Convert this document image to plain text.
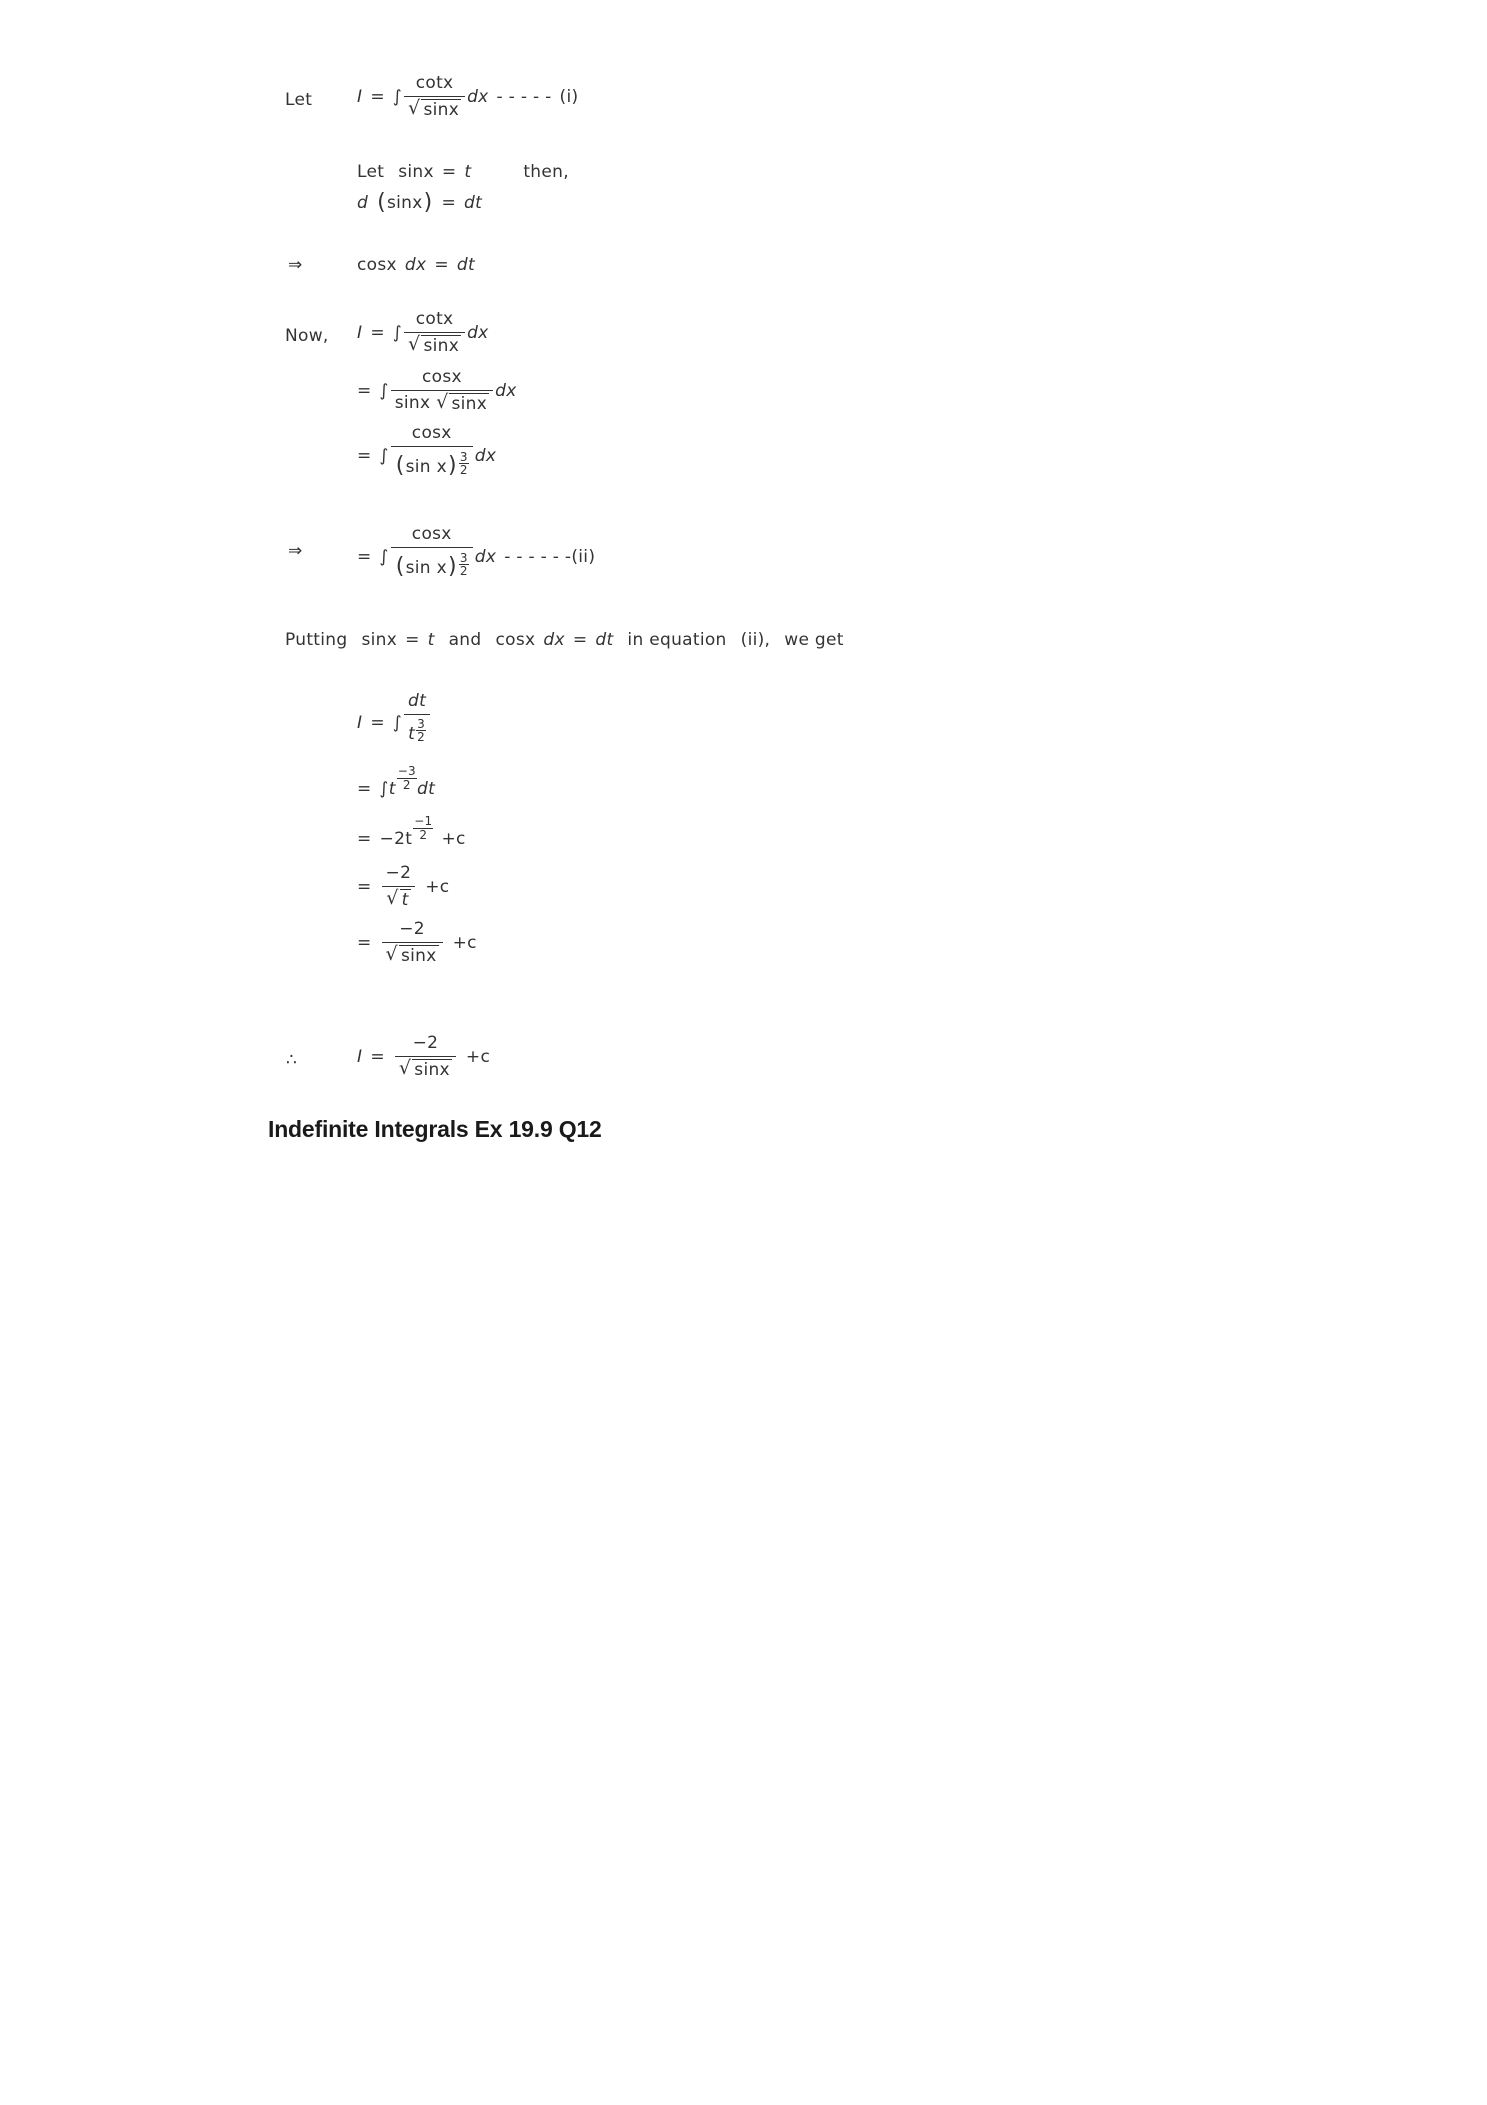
Let	I = ∫ $\frac{\cot x}{√ \sin x}$ dx - - - - - (i)
Let sinx = t	then,
d ( sinx ) = dt
⇒	cosx dx = dt
Now, I = ∫ $\frac{\cot x}{√ \sin x}$ dx
= ∫ $\frac{\cos x}{\sin x √ \sin x}$ dx
= ∫ $\frac{\cos x}{(\sin x) \frac{3}{2}}$ dx
⇒	= ∫ $\frac{\cos x}{(\sin x) \frac{3}{2}}$ dx - - - - - - (ii)
Putting sinx = t and cosx dx = dt in equation (ii), we get
I = ∫ $\frac{dt}{t \frac{3}{2}}$
= ∫ t
−3
2 dt
= −2t
−1
2 +c
= $\frac{-2}{√ t} +c$
= $\frac{-2}{√ \sin x} +c$
∴	$I = \frac{-2}{√ \sin x} +c$
Indefinite Integrals Ex 19.9 Q12
